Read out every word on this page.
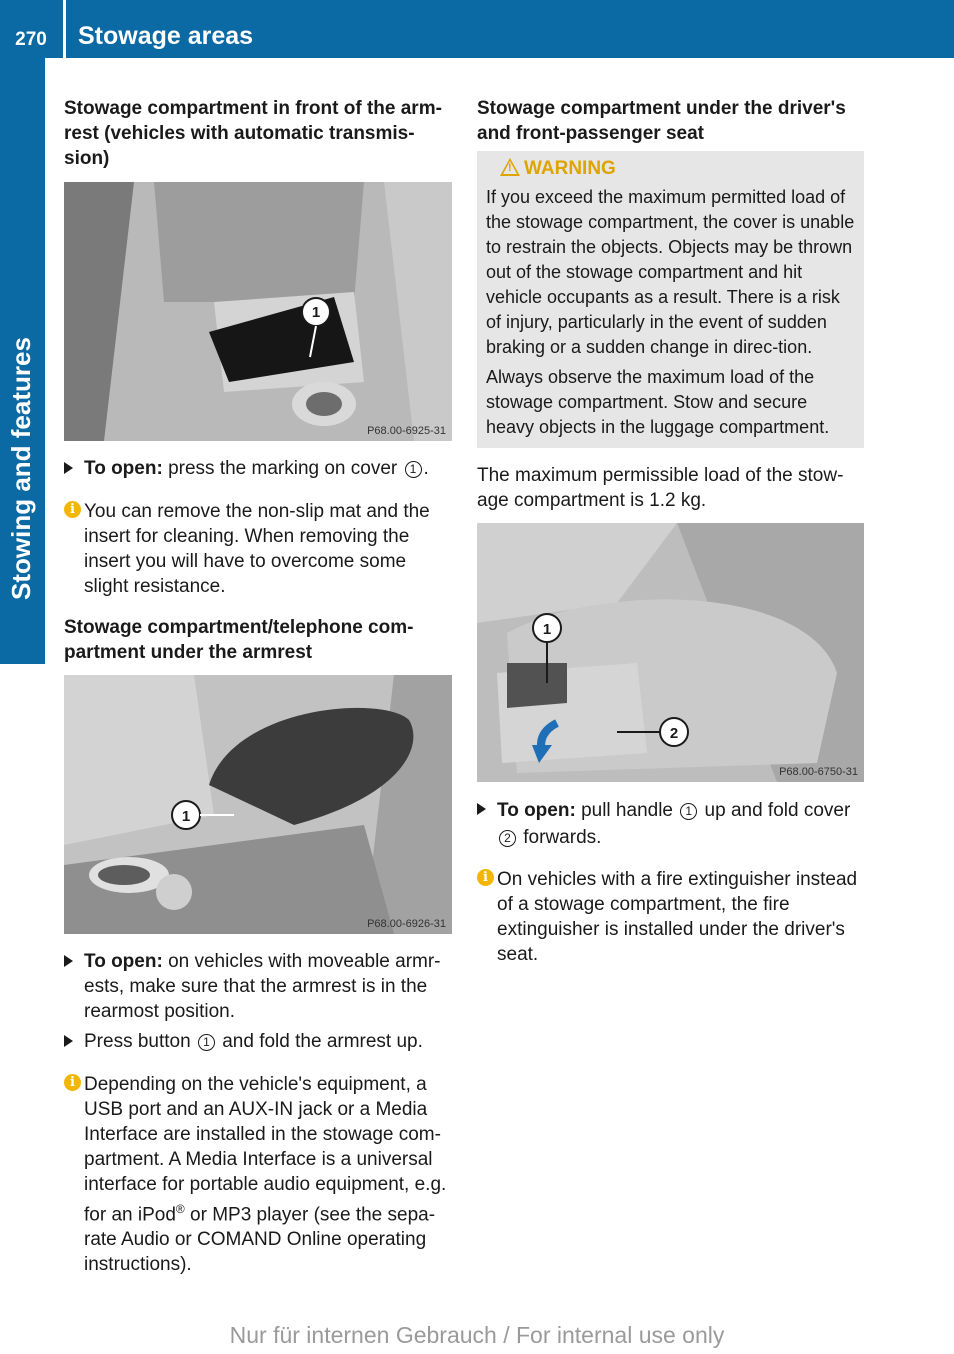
270	Stowage areas
Stowing and features
Stowage compartment in front of the arm-rest (vehicles with automatic transmis-sion)
1
P68.00-6925-31
To open: press the marking on cover 1 .
i You can remove the non-slip mat and the insert for cleaning. When removing the insert you will have to overcome some slight resistance.
Stowage compartment/telephone com-partment under the armrest
1
P68.00-6926-31
To open: on vehicles with moveable armr-ests, make sure that the armrest is in the rearmost position.
Press button 1 and fold the armrest up.
i Depending on the vehicle's equipment, a USB port and an AUX-IN jack or a Media Interface are installed in the stowage com-partment. A Media Interface is a universal interface for portable audio equipment, e.g. for an iPod® or MP3 player (see the sepa-rate Audio or COMAND Online operating instructions).
Stowage compartment under the driver's and front-passenger seat
! WARNING

If you exceed the maximum permitted load of the stowage compartment, the cover is unable to restrain the objects. Objects may be thrown out of the stowage compartment and hit vehicle occupants as a result. There is a risk of injury, particularly in the event of sudden braking or a sudden change in direc-tion.

Always observe the maximum load of the stowage compartment. Stow and secure heavy objects in the luggage compartment.

The maximum permissible load of the stow-age compartment is 1.2 kg.

1
2
P68.00-6750-31
To open: pull handle 1 up and fold cover 2 forwards.
i On vehicles with a fire extinguisher instead of a stowage compartment, the fire extinguisher is installed under the driver's seat.
Nur für internen Gebrauch / For internal use only
